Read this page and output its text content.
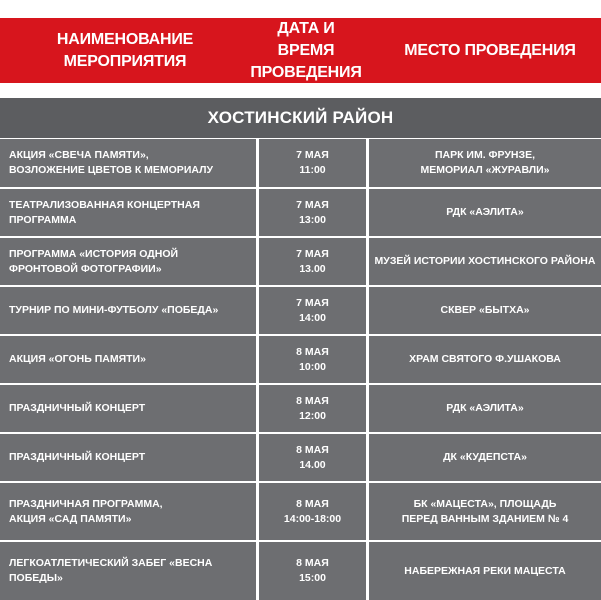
НАИМЕНОВАНИЕ
МЕРОПРИЯТИЯ
ДАТА И ВРЕМЯ
ПРОВЕДЕНИЯ
МЕСТО ПРОВЕДЕНИЯ
ХОСТИНСКИЙ РАЙОН
АКЦИЯ «СВЕЧА ПАМЯТИ»,
ВОЗЛОЖЕНИЕ ЦВЕТОВ К МЕМОРИАЛУ
7 МАЯ
11:00
ПАРК ИМ. ФРУНЗЕ,
МЕМОРИАЛ «ЖУРАВЛИ»
ТЕАТРАЛИЗОВАННАЯ КОНЦЕРТНАЯ ПРОГРАММА
7 МАЯ
13:00
РДК «АЭЛИТА»
ПРОГРАММА «ИСТОРИЯ ОДНОЙ
ФРОНТОВОЙ ФОТОГРАФИИ»
7 МАЯ
13.00
МУЗЕЙ ИСТОРИИ ХОСТИНСКОГО РАЙОНА
ТУРНИР ПО МИНИ-ФУТБОЛУ «ПОБЕДА»
7 МАЯ
14:00
СКВЕР «БЫТХА»
АКЦИЯ «ОГОНЬ ПАМЯТИ»
8 МАЯ
10:00
ХРАМ СВЯТОГО Ф.УШАКОВА
ПРАЗДНИЧНЫЙ КОНЦЕРТ
8 МАЯ
12:00
РДК «АЭЛИТА»
ПРАЗДНИЧНЫЙ КОНЦЕРТ
8 МАЯ
14.00
ДК «КУДЕПСТА»
ПРАЗДНИЧНАЯ ПРОГРАММА,
АКЦИЯ «САД ПАМЯТИ»
8 МАЯ
14:00-18:00
БК «МАЦЕСТА», ПЛОЩАДЬ
ПЕРЕД ВАННЫМ ЗДАНИЕМ № 4
ЛЕГКОАТЛЕТИЧЕСКИЙ ЗАБЕГ «ВЕСНА ПОБЕДЫ»
8 МАЯ
15:00
НАБЕРЕЖНАЯ РЕКИ МАЦЕСТА
